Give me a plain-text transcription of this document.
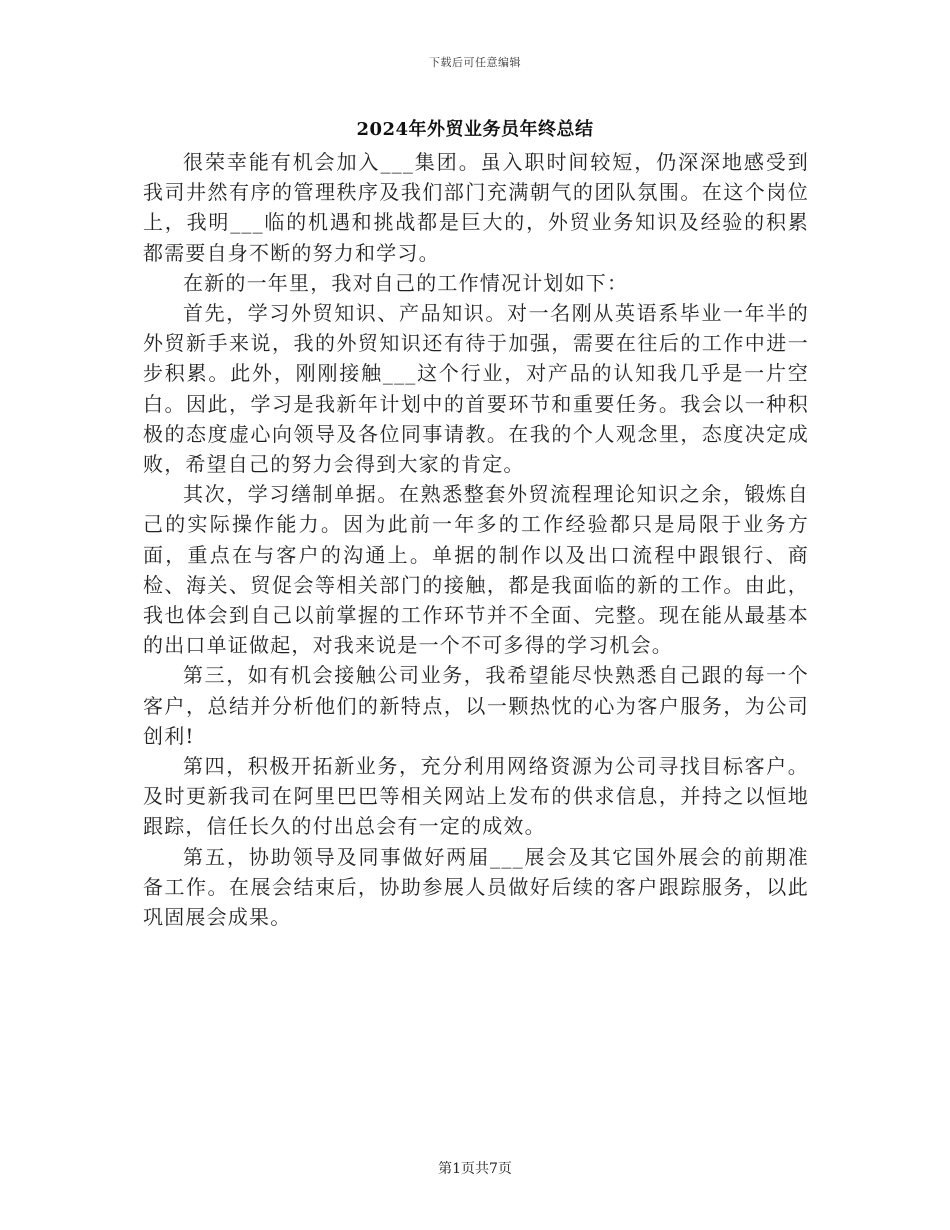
下载后可任意编辑
2024年外贸业务员年终总结

很荣幸能有机会加入___集团。虽入职时间较短，仍深深地感受到我司井然有序的管理秩序及我们部门充满朝气的团队氛围。在这个岗位上，我明___临的机遇和挑战都是巨大的，外贸业务知识及经验的积累都需要自身不断的努力和学习。

在新的一年里，我对自己的工作情况计划如下：

首先，学习外贸知识、产品知识。对一名刚从英语系毕业一年半的外贸新手来说，我的外贸知识还有待于加强，需要在往后的工作中进一步积累。此外，刚刚接触___这个行业，对产品的认知我几乎是一片空白。因此，学习是我新年计划中的首要环节和重要任务。我会以一种积极的态度虚心向领导及各位同事请教。在我的个人观念里，态度决定成败，希望自己的努力会得到大家的肯定。

其次，学习缮制单据。在熟悉整套外贸流程理论知识之余，锻炼自己的实际操作能力。因为此前一年多的工作经验都只是局限于业务方面，重点在与客户的沟通上。单据的制作以及出口流程中跟银行、商检、海关、贸促会等相关部门的接触，都是我面临的新的工作。由此，我也体会到自己以前掌握的工作环节并不全面、完整。现在能从最基本的出口单证做起，对我来说是一个不可多得的学习机会。

第三，如有机会接触公司业务，我希望能尽快熟悉自己跟的每一个客户，总结并分析他们的新特点，以一颗热忱的心为客户服务，为公司创利!

第四，积极开拓新业务，充分利用网络资源为公司寻找目标客户。及时更新我司在阿里巴巴等相关网站上发布的供求信息，并持之以恒地跟踪，信任长久的付出总会有一定的成效。

第五，协助领导及同事做好两届___展会及其它国外展会的前期准备工作。在展会结束后，协助参展人员做好后续的客户跟踪服务，以此巩固展会成果。

第1页共7页
